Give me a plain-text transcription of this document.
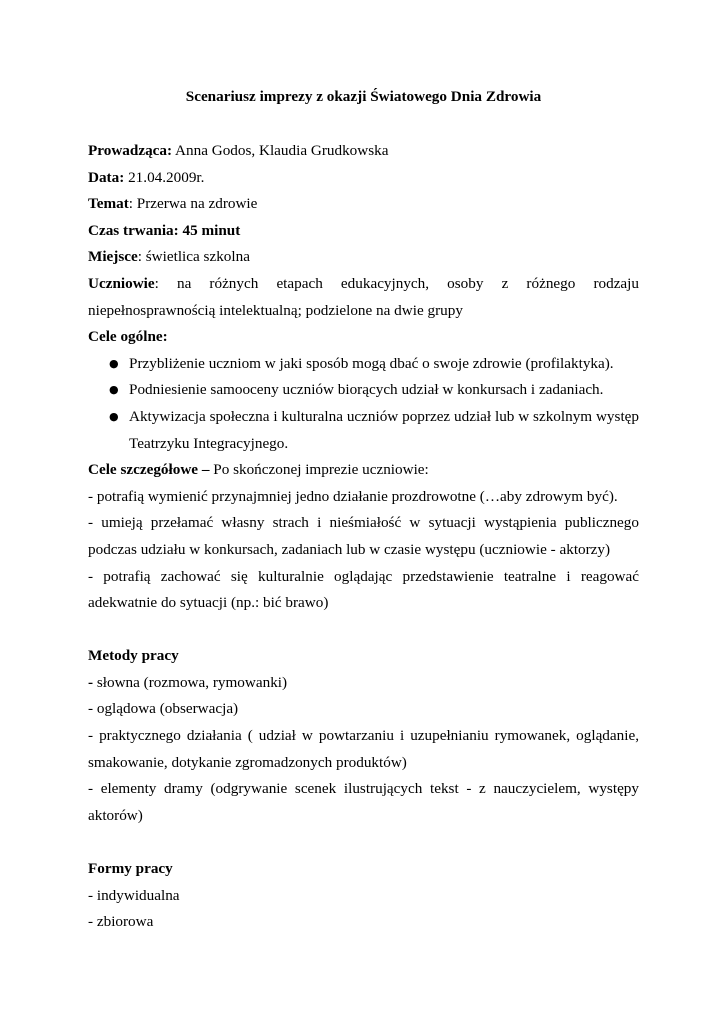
Scenariusz imprezy z okazji Światowego Dnia Zdrowia

Prowadząca: Anna Godos, Klaudia Grudkowska

Data: 21.04.2009r.

Temat: Przerwa na zdrowie

Czas trwania: 45 minut

Miejsce: świetlica szkolna

Uczniowie: na różnych etapach edukacyjnych, osoby z różnego rodzaju niepełnosprawnością intelektualną; podzielone na dwie grupy

Cele ogólne:

● Przybliżenie uczniom w jaki sposób mogą dbać o swoje zdrowie (profilaktyka).
● Podniesienie samooceny uczniów biorących udział w konkursach i zadaniach.
● Aktywizacja społeczna i kulturalna uczniów poprzez udział lub w szkolnym występ Teatrzyku Integracyjnego.

Cele szczegółowe – Po skończonej imprezie uczniowie:

- potrafią wymienić przynajmniej jedno działanie prozdrowotne (…aby zdrowym być).

- umieją przełamać własny strach i nieśmiałość w sytuacji wystąpienia publicznego podczas udziału w konkursach, zadaniach lub w czasie występu (uczniowie - aktorzy)

- potrafią zachować się kulturalnie oglądając przedstawienie teatralne i reagować adekwatnie do sytuacji (np.: bić brawo)

Metody pracy

- słowna (rozmowa, rymowanki)

- oglądowa (obserwacja)

- praktycznego działania ( udział w powtarzaniu i uzupełnianiu rymowanek, oglądanie, smakowanie, dotykanie zgromadzonych produktów)

- elementy dramy (odgrywanie scenek ilustrujących tekst - z nauczycielem, występy aktorów)

Formy pracy

- indywidualna

- zbiorowa
